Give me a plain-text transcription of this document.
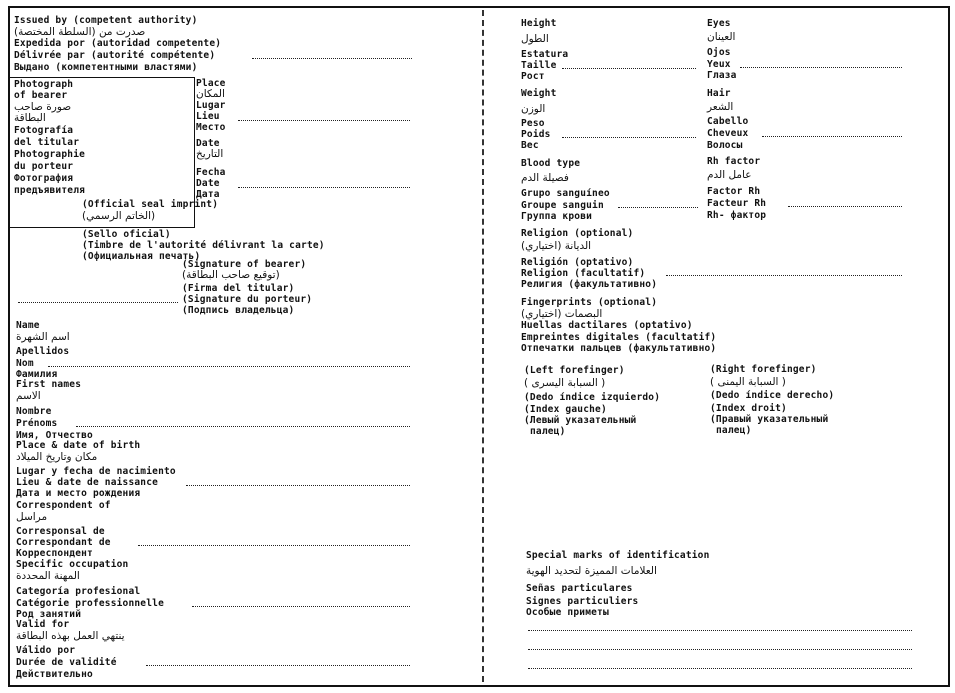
Issued by (competent authority)
صدرت من (السلطة المختصة)
Expedida por (autoridad competente)
Délivrée par (autorité compétente)
Выдано (компетентными властями)
Photograph
of bearer
صورة صاحب
البطاقة
Fotografía
del titular
Photographie
du porteur
Фотография
предъявителя
Place
المكان
Lugar
Lieu
Место
Date
التاريخ
Fecha
Date
Дата
(Official seal imprint)
(الخاتم الرسمي)
(Sello oficial)
(Timbre de l'autorité délivrant la carte)
(Официальная печать)
(Signature of bearer)
(توقيع صاحب البطاقة)
(Firma del titular)
(Signature du porteur)
(Подпись владельца)
Name
اسم الشهرة
Apellidos
Nom
Фамилия
First names
الاسم
Nombre
Prénoms
Имя, Отчество
Place & date of birth
مكان وتاريخ الميلاد
Lugar y fecha de nacimiento
Lieu & date de naissance
Дата и место рождения
Correspondent of
مراسل
Corresponsal de
Correspondant de
Корреспондент
Specific occupation
المهنة المحددة
Categoría profesional
Catégorie professionnelle
Род занятий
Valid for
ينتهي العمل بهذه البطاقة
Válido por
Durée de validité
Действительно
Height
الطول
Estatura
Taille
Рост
Eyes
العينان
Ojos
Yeux
Глаза
Weight
الوزن
Peso
Poids
Вес
Hair
الشعر
Cabello
Cheveux
Волосы
Blood type
فصيلة الدم
Grupo sanguíneo
Groupe sanguin
Группа крови
Rh factor
عامل الدم
Factor Rh
Facteur Rh
Rh- фактор
Religion (optional)
(اختياري) الديانة
Religión (optativo)
Religion (facultatif)
Религия (факультативно)
Fingerprints (optional)
(اختياري) البصمات
Huellas dactilares (optativo)
Empreintes digitales (facultatif)
Отпечатки пальцев (факультативно)
(Left forefinger)
( السبابة اليسرى )
(Dedo índice izquierdo)
(Index gauche)
(Левый указательный
палец)
(Right forefinger)
( السبابة اليمنى )
(Dedo índice derecho)
(Index droit)
(Правый указательный
палец)
Special marks of identification
العلامات المميزة لتحديد الهوية
Señas particulares
Signes particuliers
Особые приметы
